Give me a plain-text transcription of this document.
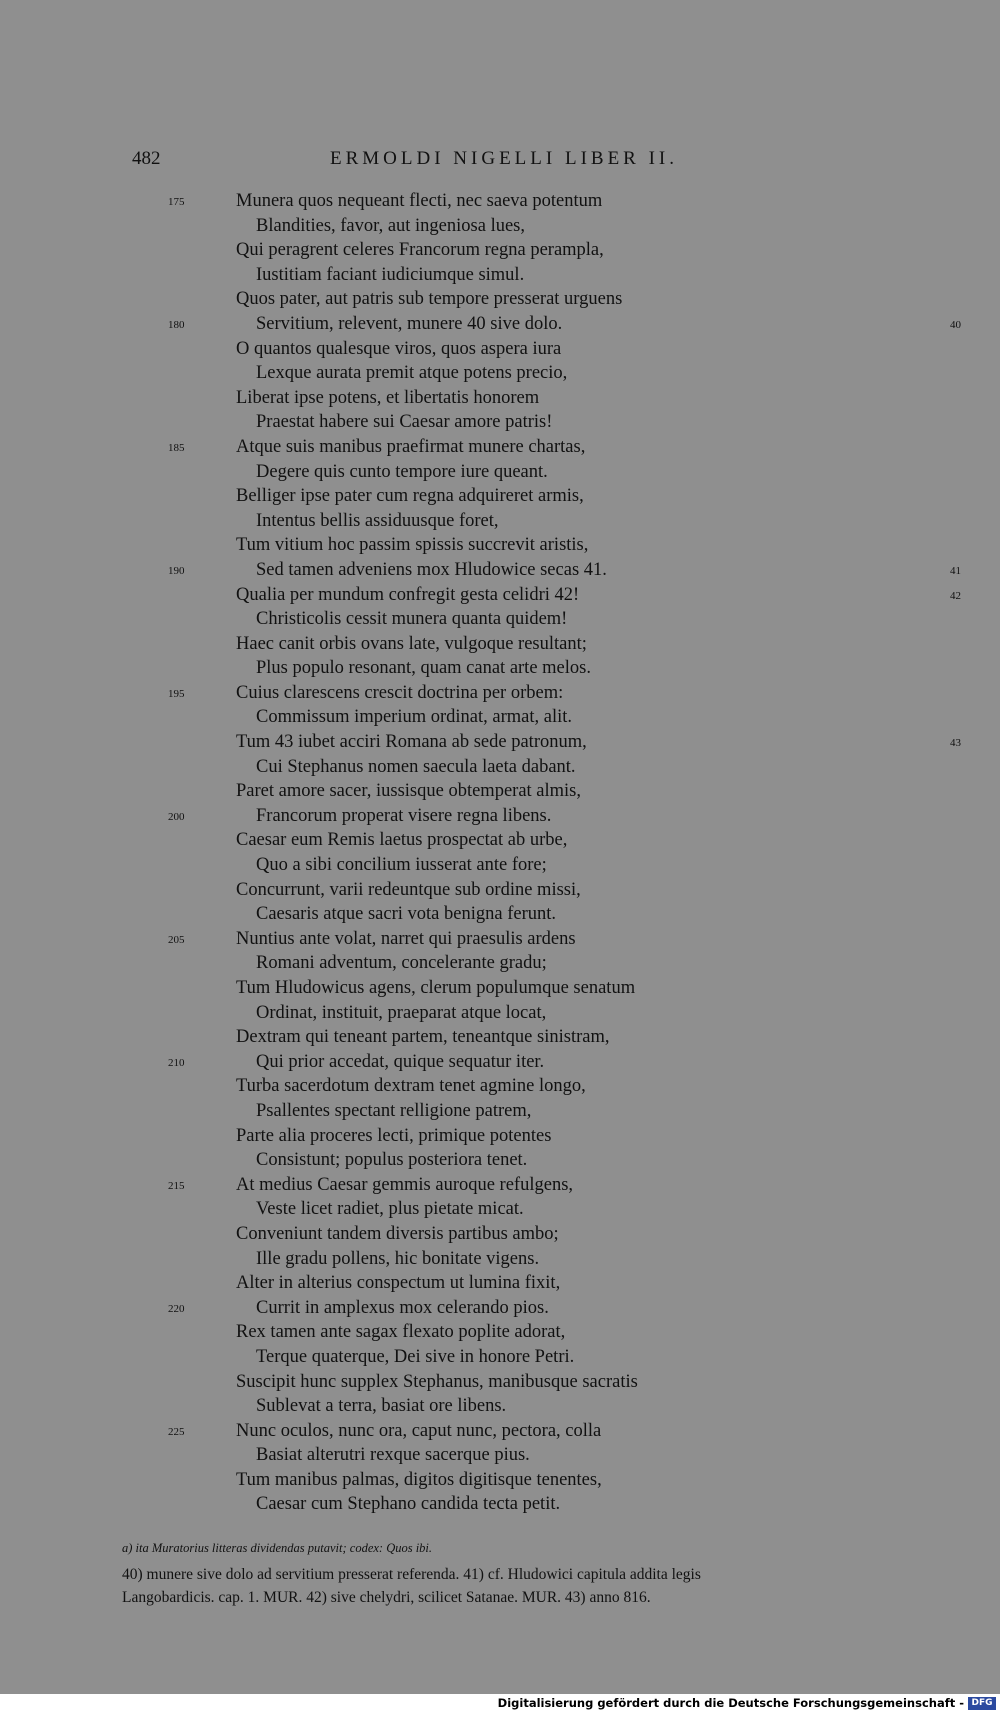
482	ERMOLDI NIGELLI LIBER II.
175	Munera quos nequeant flecti, nec saeva potentum
Blandities, favor, aut ingeniosa lues,
Qui peragrent celeres Francorum regna perampla,
Iustitiam faciant iudiciumque simul.
Quos pater, aut patris sub tempore presserat urguens
180	Servitium, relevent, munere 40 sive dolo.	40
O quantos qualesque viros, quos aspera iura
Lexque aurata premit atque potens precio,
Liberat ipse potens, et libertatis honorem
Praestat habere sui Caesar amore patris!
185	Atque suis manibus praefirmat munere chartas,
Degere quis cunto tempore iure queant.
Belliger ipse pater cum regna adquireret armis,
Intentus bellis assiduusque foret,
Tum vitium hoc passim spissis succrevit aristis,
190	Sed tamen adveniens mox Hludowice secas 41.	41
Qualia per mundum confregit gesta celidri 42!	42
Christicolis cessit munera quanta quidem!
Haec canit orbis ovans late, vulgoque resultant;
Plus populo resonant, quam canat arte melos.
195	Cuius clarescens crescit doctrina per orbem:
Commissum imperium ordinat, armat, alit.
Tum 43 iubet acciri Romana ab sede patronum,	43
Cui Stephanus nomen saecula laeta dabant.
Paret amore sacer, iussisque obtemperat almis,
200	Francorum properat visere regna libens.
Caesar eum Remis laetus prospectat ab urbe,
Quo a sibi concilium iusserat ante fore;
Concurrunt, varii redeuntque sub ordine missi,
Caesaris atque sacri vota benigna ferunt.
205	Nuntius ante volat, narret qui praesulis ardens
Romani adventum, concelerante gradu;
Tum Hludowicus agens, clerum populumque senatum
Ordinat, instituit, praeparat atque locat,
Dextram qui teneant partem, teneantque sinistram,
210	Qui prior accedat, quique sequatur iter.
Turba sacerdotum dextram tenet agmine longo,
Psallentes spectant relligione patrem,
Parte alia proceres lecti, primique potentes
Consistunt; populus posteriora tenet.
215	At medius Caesar gemmis auroque refulgens,
Veste licet radiet, plus pietate micat.
Conveniunt tandem diversis partibus ambo;
Ille gradu pollens, hic bonitate vigens.
Alter in alterius conspectum ut lumina fixit,
220	Currit in amplexus mox celerando pios.
Rex tamen ante sagax flexato poplite adorat,
Terque quaterque, Dei sive in honore Petri.
Suscipit hunc supplex Stephanus, manibusque sacratis
Sublevat a terra, basiat ore libens.
225	Nunc oculos, nunc ora, caput nunc, pectora, colla
Basiat alterutri rexque sacerque pius.
Tum manibus palmas, digitos digitisque tenentes,
Caesar cum Stephano candida tecta petit.
a) ita Muratorius litteras dividendas putavit; codex: Quos ibi.
40) munere sive dolo ad servitium presserat referenda. 41) cf. Hludowici capitula addita legis
Langobardicis. cap. 1. MUR. 42) sive chelydri, scilicet Satanae. MUR. 43) anno 816.
Digitalisierung gefördert durch die Deutsche Forschungsgemeinschaft - DFG
